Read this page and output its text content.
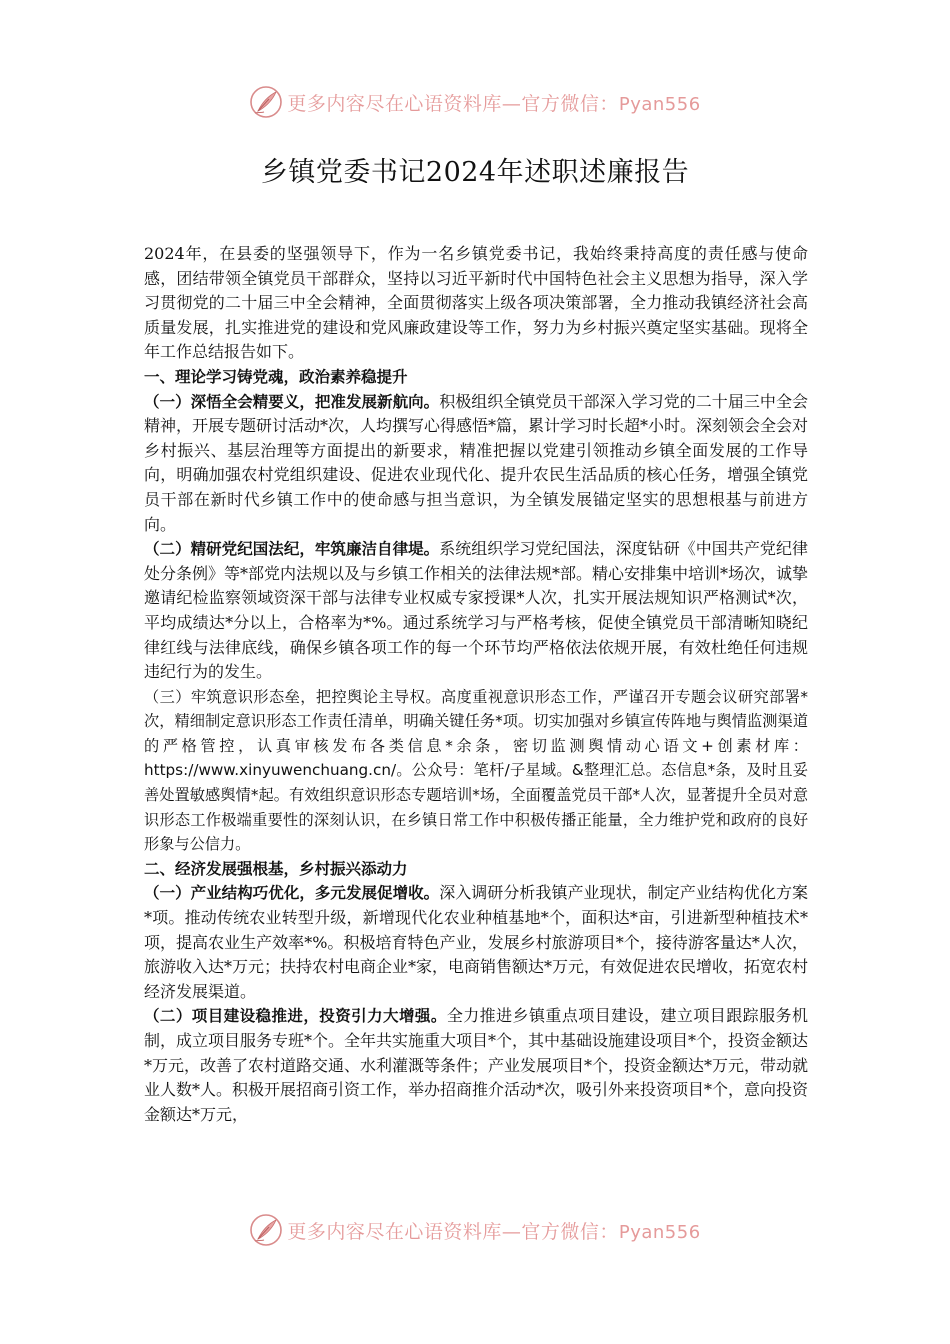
更多内容尽在心语资料库—官方微信：Pyan556
乡镇党委书记2024年述职述廉报告

2024年，在县委的坚强领导下，作为一名乡镇党委书记，我始终秉持高度的责任感与使命感，团结带领全镇党员干部群众，坚持以习近平新时代中国特色社会主义思想为指导，深入学习贯彻党的二十届三中全会精神，全面贯彻落实上级各项决策部署，全力推动我镇经济社会高质量发展，扎实推进党的建设和党风廉政建设等工作，努力为乡村振兴奠定坚实基础。现将全年工作总结报告如下。

一、理论学习铸党魂，政治素养稳提升

（一）深悟全会精要义，把准发展新航向。积极组织全镇党员干部深入学习党的二十届三中全会精神，开展专题研讨活动*次，人均撰写心得感悟*篇，累计学习时长超*小时。深刻领会全会对乡村振兴、基层治理等方面提出的新要求，精准把握以党建引领推动乡镇全面发展的工作导向，明确加强农村党组织建设、促进农业现代化、提升农民生活品质的核心任务，增强全镇党员干部在新时代乡镇工作中的使命感与担当意识，为全镇发展锚定坚实的思想根基与前进方向。

（二）精研党纪国法纪，牢筑廉洁自律堤。系统组织学习党纪国法，深度钻研《中国共产党纪律处分条例》等*部党内法规以及与乡镇工作相关的法律法规*部。精心安排集中培训*场次，诚挚邀请纪检监察领域资深干部与法律专业权威专家授课*人次，扎实开展法规知识严格测试*次，平均成绩达*分以上，合格率为*%。通过系统学习与严格考核，促使全镇党员干部清晰知晓纪律红线与法律底线，确保乡镇各项工作的每一个环节均严格依法依规开展，有效杜绝任何违规违纪行为的发生。

（三）牢筑意识形态垒，把控舆论主导权。高度重视意识形态工作，严谨召开专题会议研究部署*次，精细制定意识形态工作责任清单，明确关键任务*项。切实加强对乡镇宣传阵地与舆情监测渠道的严格管控，认真审核发布各类信息*余条，密切监测舆情动心语文+创素材库：https://www.xinyuwenchuang.cn/。公众号：笔杆/子星域。&整理汇总。态信息*条，及时且妥善处置敏感舆情*起。有效组织意识形态专题培训*场，全面覆盖党员干部*人次，显著提升全员对意识形态工作极端重要性的深刻认识，在乡镇日常工作中积极传播正能量，全力维护党和政府的良好形象与公信力。

二、经济发展强根基，乡村振兴添动力

（一）产业结构巧优化，多元发展促增收。深入调研分析我镇产业现状，制定产业结构优化方案*项。推动传统农业转型升级，新增现代化农业种植基地*个，面积达*亩，引进新型种植技术*项，提高农业生产效率*%。积极培育特色产业，发展乡村旅游项目*个，接待游客量达*人次，旅游收入达*万元；扶持农村电商企业*家，电商销售额达*万元，有效促进农民增收，拓宽农村经济发展渠道。

（二）项目建设稳推进，投资引力大增强。全力推进乡镇重点项目建设，建立项目跟踪服务机制，成立项目服务专班*个。全年共实施重大项目*个，其中基础设施建设项目*个，投资金额达*万元，改善了农村道路交通、水利灌溉等条件；产业发展项目*个，投资金额达*万元，带动就业人数*人。积极开展招商引资工作，举办招商推介活动*次，吸引外来投资项目*个，意向投资金额达*万元，

更多内容尽在心语资料库—官方微信：Pyan556
